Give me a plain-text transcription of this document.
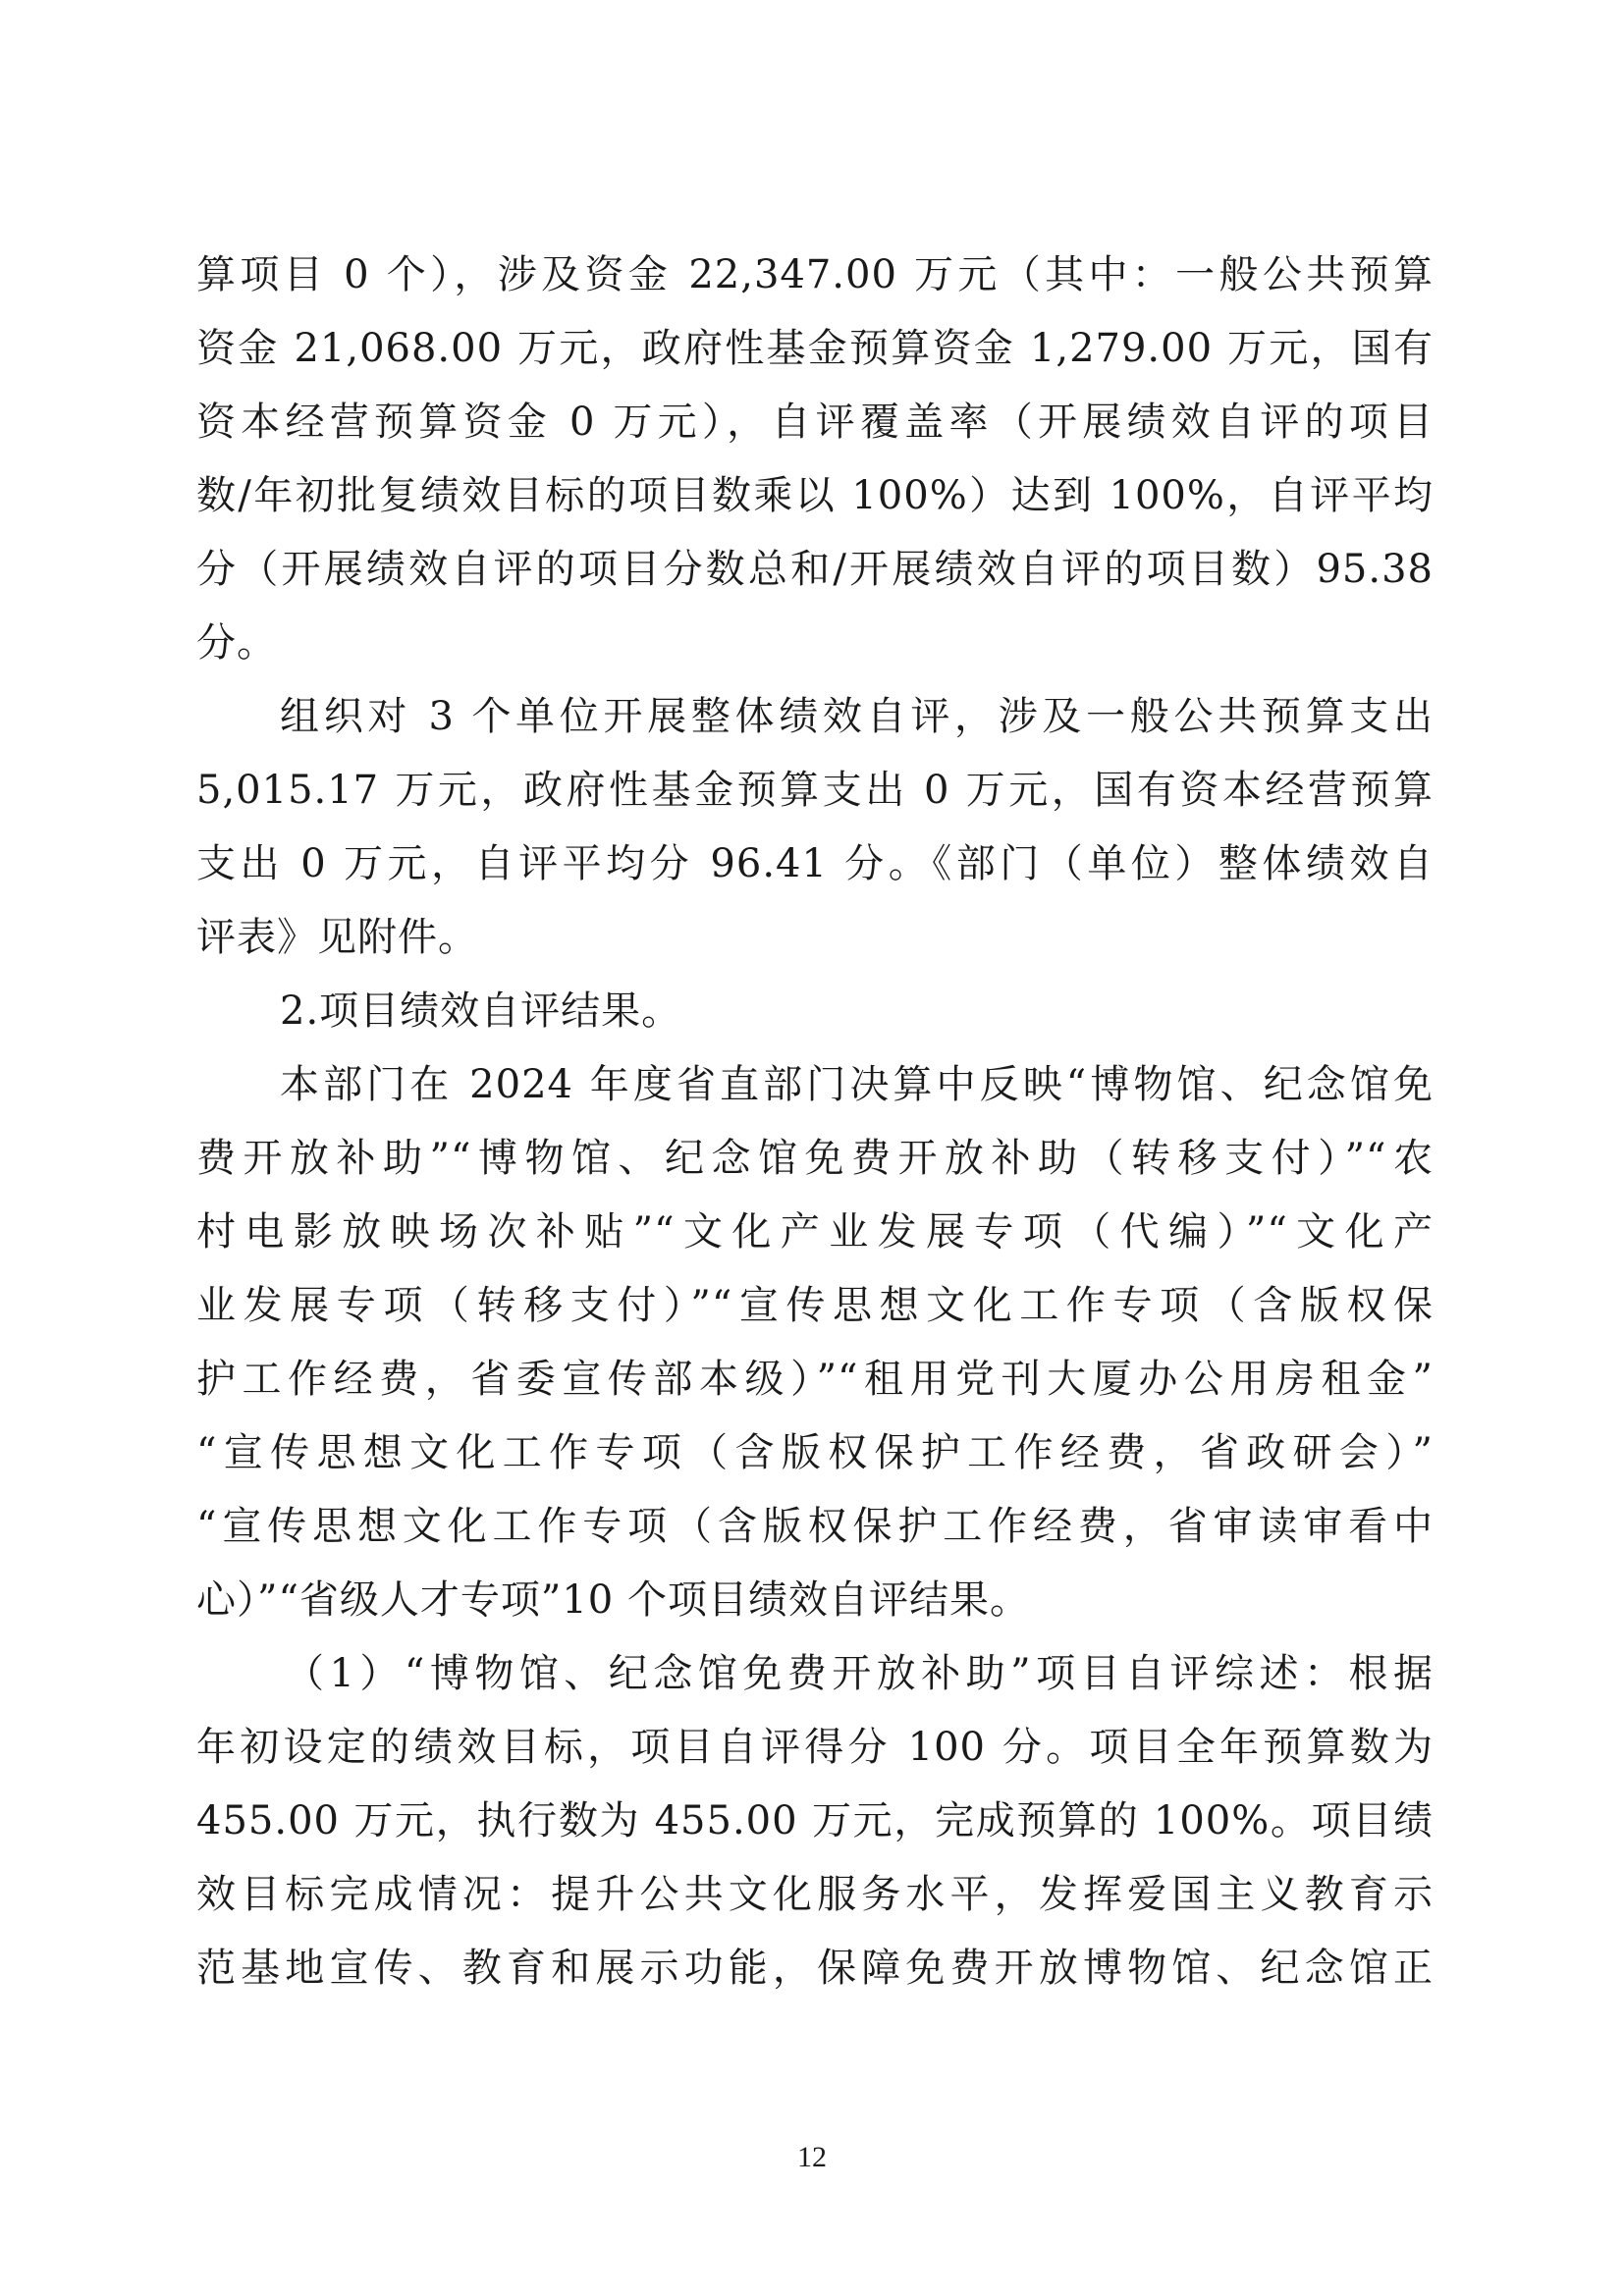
算项目 0 个），涉及资金 22,347.00 万元（其中：一般公共预算
资金 21,068.00 万元，政府性基金预算资金 1,279.00 万元，国有
资本经营预算资金 0 万元），自评覆盖率（开展绩效自评的项目
数/年初批复绩效目标的项目数乘以 100%）达到 100%，自评平均
分（开展绩效自评的项目分数总和/开展绩效自评的项目数）95.38
分。
组织对 3 个单位开展整体绩效自评，涉及一般公共预算支出
5,015.17 万元，政府性基金预算支出 0 万元，国有资本经营预算
支出 0 万元，自评平均分 96.41 分。《部门（单位）整体绩效自
评表》见附件。
2.项目绩效自评结果。
本部门在 2024 年度省直部门决算中反映“博物馆、纪念馆免
费开放补助”“博物馆、纪念馆免费开放补助（转移支付）”“农
村电影放映场次补贴”“文化产业发展专项（代编）”“文化产
业发展专项（转移支付）”“宣传思想文化工作专项（含版权保
护工作经费，省委宣传部本级）”“租用党刊大厦办公用房租金”
“宣传思想文化工作专项（含版权保护工作经费，省政研会）”
“宣传思想文化工作专项（含版权保护工作经费，省审读审看中
心）”“省级人才专项”10 个项目绩效自评结果。
（1）“博物馆、纪念馆免费开放补助”项目自评综述：根据
年初设定的绩效目标，项目自评得分 100 分。项目全年预算数为
455.00 万元，执行数为 455.00 万元，完成预算的 100%。项目绩
效目标完成情况：提升公共文化服务水平，发挥爱国主义教育示
范基地宣传、教育和展示功能，保障免费开放博物馆、纪念馆正
12
